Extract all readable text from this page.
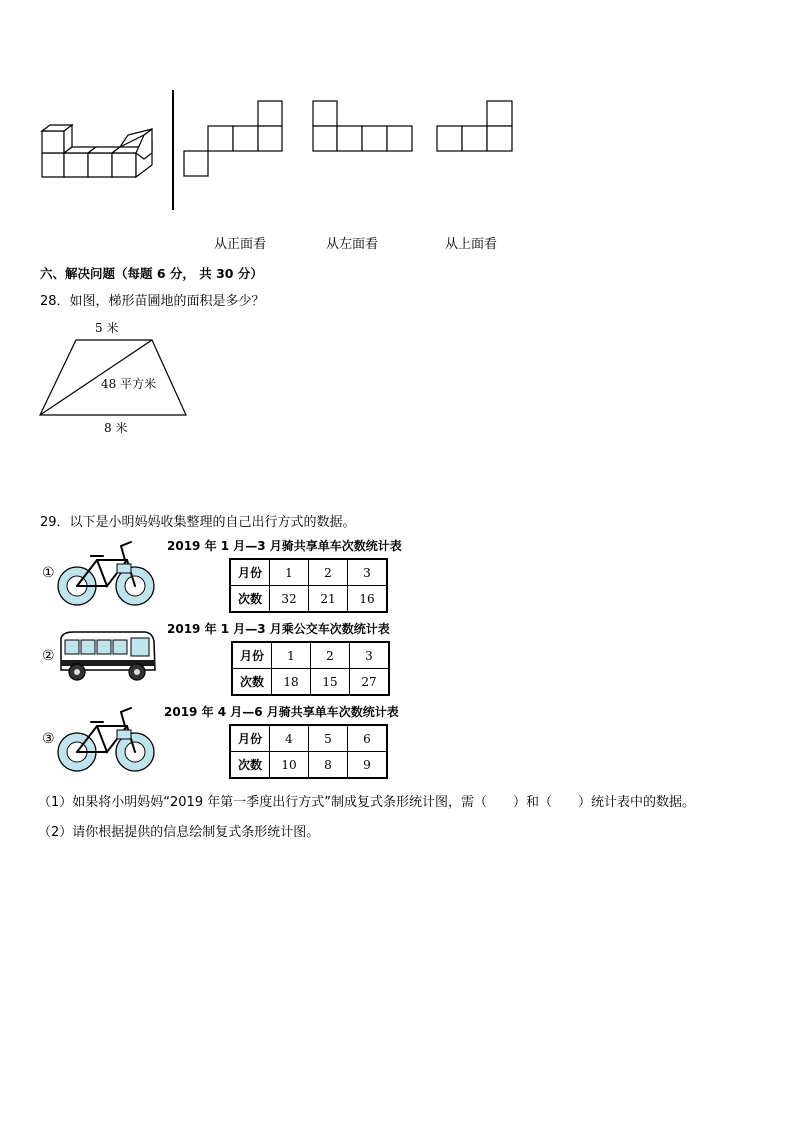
从正面看	从左面看	从上面看
六、解决问题（每题 6 分， 共 30 分）
28．如图，梯形苗圃地的面积是多少？
5 米
48 平方米
8 米
29．以下是小明妈妈收集整理的自己出行方式的数据。
①
2019 年 1 月—3 月骑共享单车次数统计表
月份	1	2	3
次数	32	21	16
②
2019 年 1 月—3 月乘公交车次数统计表
月份	1	2	3
次数	18	15	27
③
2019 年 4 月—6 月骑共享单车次数统计表
月份	4	5	6
次数	10	8	9
（1）如果将小明妈妈“2019 年第一季度出行方式”制成复式条形统计图，需（　　）和（　　）统计表中的数据。
（2）请你根据提供的信息绘制复式条形统计图。
